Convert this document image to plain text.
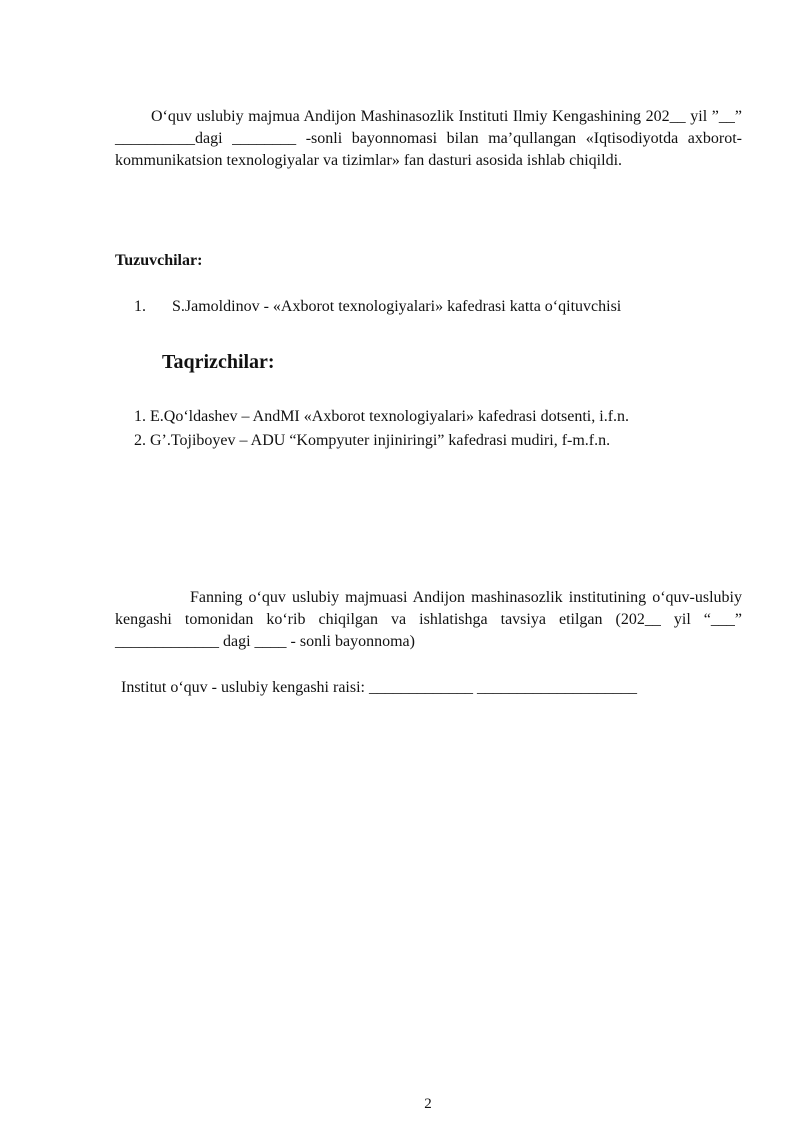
O‘quv uslubiy majmua Andijon Mashinasozlik Instituti Ilmiy Kengashining 202__ yil ”__” __________dagi ________ -sonli bayonnomasi bilan ma’qullangan «Iqtisodiyotda axborot-kommunikatsion texnologiyalar va tizimlar» fan dasturi asosida ishlab chiqildi.

Tuzuvchilar:

1. S.Jamoldinov - «Axborot texnologiyalari» kafedrasi katta o‘qituvchisi

Taqrizchilar:

1. E.Qo‘ldashev – AndMI «Axborot texnologiyalari» kafedrasi dotsenti, i.f.n.

2. G’.Tojiboyev – ADU “Kompyuter injiniringi” kafedrasi mudiri, f-m.f.n.

Fanning o‘quv uslubiy majmuasi Andijon mashinasozlik institutining o‘quv-uslubiy kengashi tomonidan ko‘rib chiqilgan va ishlatishga tavsiya etilgan (202__ yil “___” _____________ dagi ____ - sonli bayonnoma)

Institut o‘quv - uslubiy kengashi raisi: _____________ ____________________

2
